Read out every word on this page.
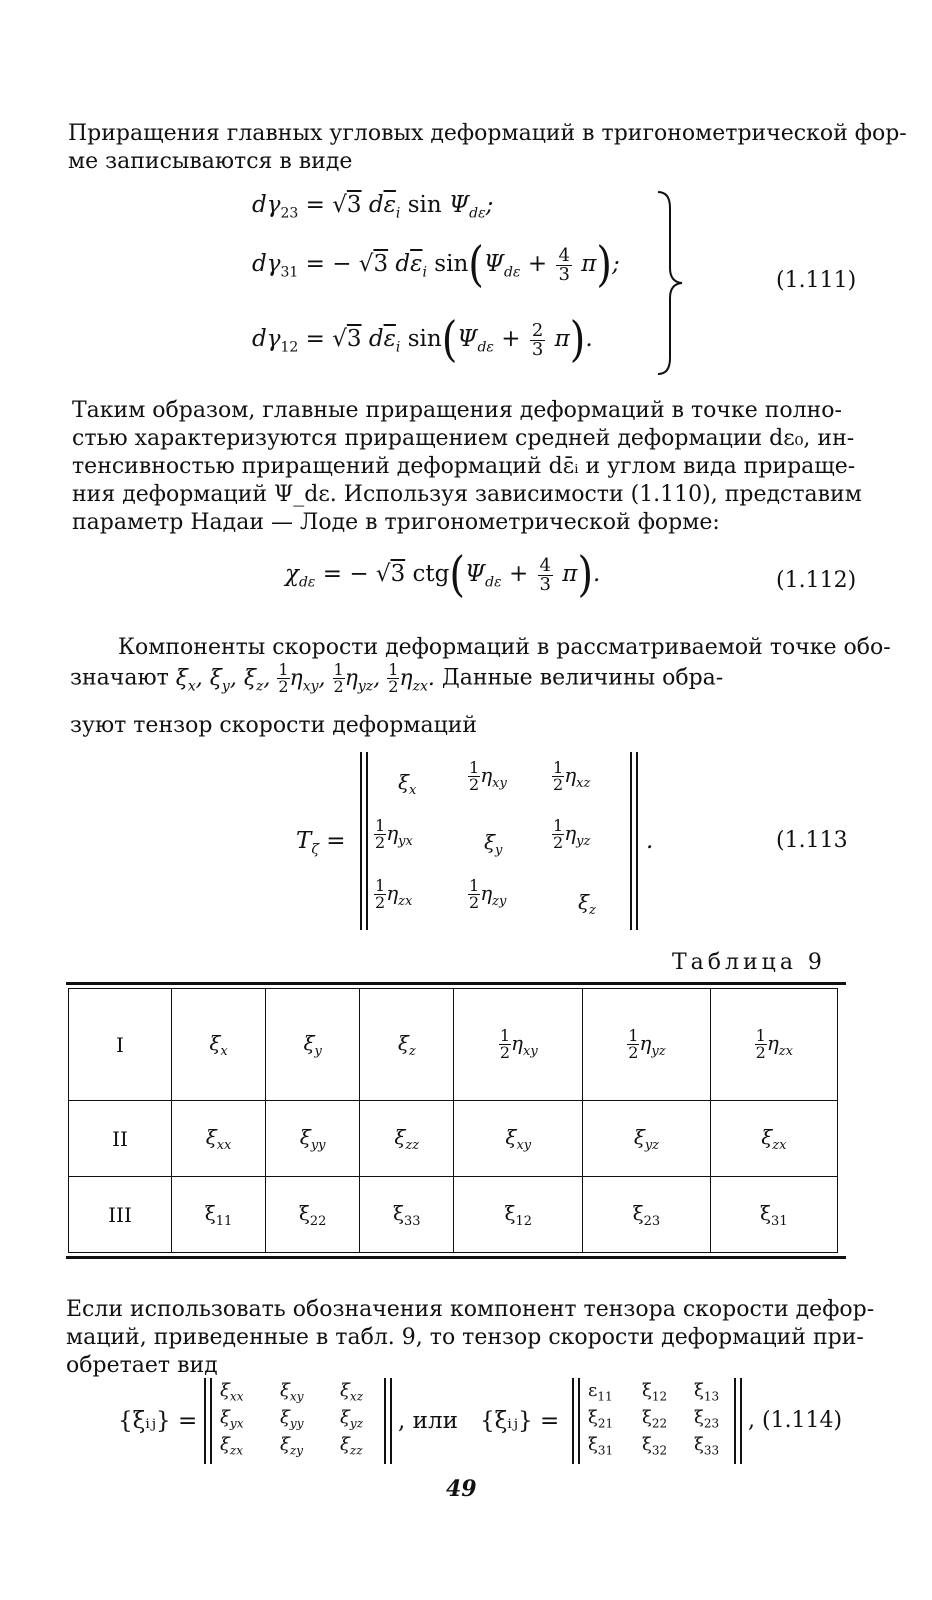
Приращения главных угловых деформаций в тригонометрической фор-
ме записываются в виде
$d\gamma_{23} = √3$ $d\overline{\varepsilon}_i$ $\sin \Psi_{d\varepsilon}$;
$d\gamma_{31}$ = − √3 $d\overline{\varepsilon}_i$ $\sin(\Psi_{d\varepsilon} + \frac{4}{3} \pi)$;
$d\gamma_{12} = √3$ $d\overline{\varepsilon}_i$ $\sin(\Psi_{d\varepsilon} + \frac{2}{3} \pi)$.
(1.111)
Таким образом, главные приращения деформаций в точке полно-
стью характеризуются приращением средней деформации dε₀, ин-
тенсивностью приращений деформаций dε̄ᵢ и углом вида прираще-
ния деформаций Ψ_dε. Используя зависимости (1.110), представим
параметр Надаи — Лоде в тригонометрической форме:
$\chi_{d\varepsilon}$ = − √3 $ctg(\Psi_{d\varepsilon} + \frac{4}{3} \pi)$.	(1.112)
Компоненты скорости деформаций в рассматриваемой точке обо-
значают $\xi_x$, $\xi_y$, $\xi_z$, $\frac{1}{2} \eta_{xy}$, $\frac{1}{2} \eta_{yz}$, $\frac{1}{2} \eta_{zx}$. Данные величины обра-
зуют тензор скорости деформаций
$T_\zeta$ =
$\xi_x$	$\frac{1}{2} \eta_{xy}$	$\frac{1}{2} \eta_{xz}$
$\frac{1}{2} \eta_{yx}$	$\xi_y$	$\frac{1}{2} \eta_{yz}$
$\frac{1}{2} \eta_{zx}$	$\frac{1}{2} \eta_{zy}$	$\xi_z$
.	(1.113
Таблица 9
I	$\xi_x$	$\xi_y$	$\xi_z$	$\frac{1}{2} \eta_{xy}$	$\frac{1}{2} \eta_{yz}$	$\frac{1}{2} \eta_{zx}$
II	$\xi_{xx}$	$\xi_{yy}$	$\xi_{zz}$	$\xi_{xy}$	$\xi_{yz}$	$\xi_{zx}$
III	$\xi_{11}$	$\xi_{22}$	$\xi_{33}$	$\xi_{12}$	$\xi_{23}$	$\xi_{31}$
Если использовать обозначения компонент тензора скорости дефор-
маций, приведенные в табл. 9, то тензор скорости деформаций при-
обретает вид
{ξᵢⱼ} =
$\xi_{xx}$ $\xi_{xy}$ $\xi_{xz}$
$\xi_{yx}$ $\xi_{yy}$ $\xi_{yz}$
$\xi_{zx}$ $\xi_{zy}$ $\xi_{zz}$
, или {ξᵢⱼ} =
$\varepsilon_{11}$ $\xi_{12}$ $\xi_{13}$
$\xi_{21}$ $\xi_{22}$ $\xi_{23}$
$\xi_{31}$ $\xi_{32}$ $\xi_{33}$
, (1.114)
49
